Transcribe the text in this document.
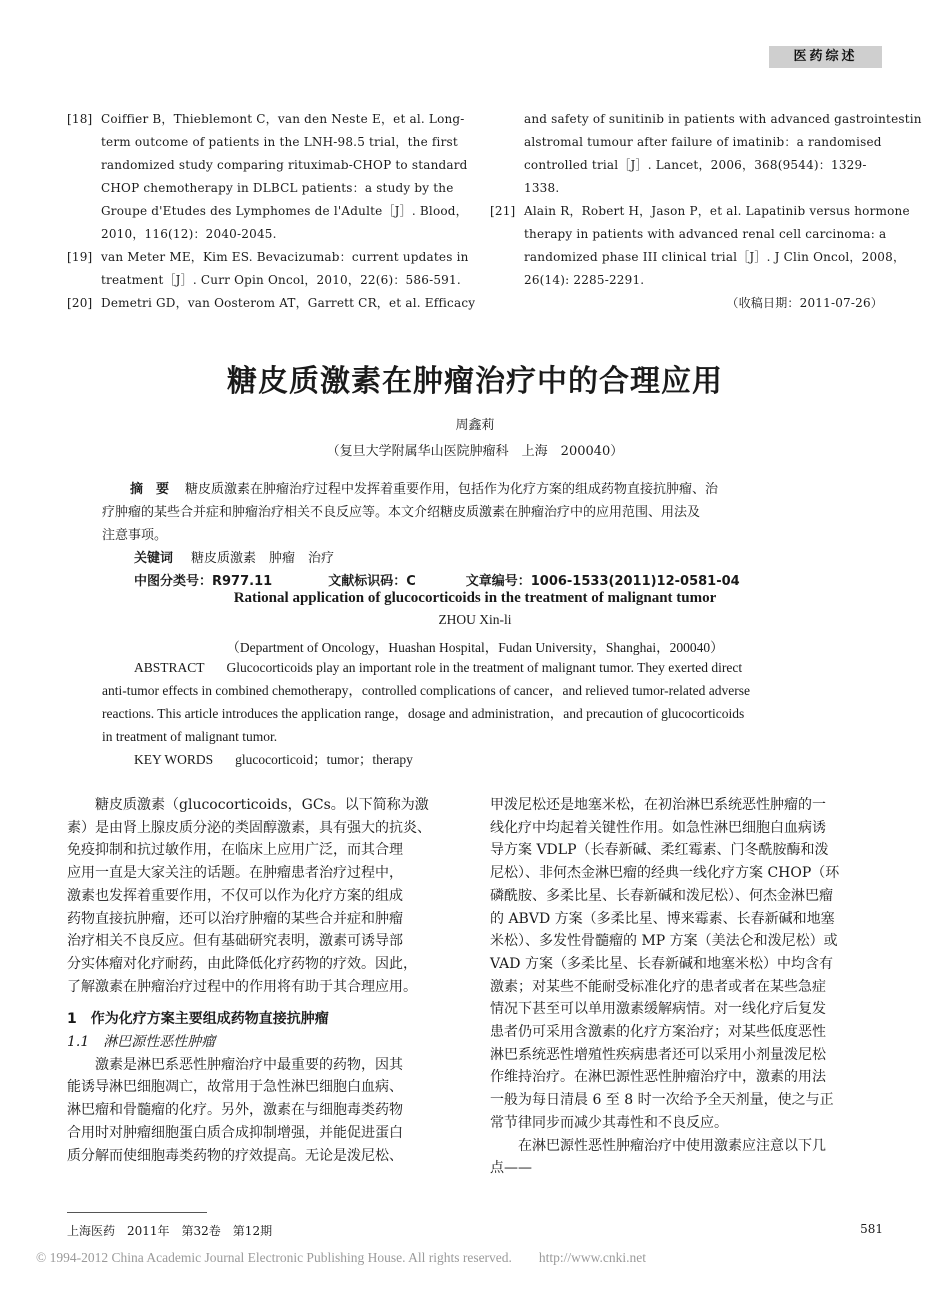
医药综述
[18] Coiffier B，Thieblemont C，van den Neste E，et al. Long-
term outcome of patients in the LNH-98.5 trial，the first
randomized study comparing rituximab-CHOP to standard
CHOP chemotherapy in DLBCL patients：a study by the
Groupe d'Etudes des Lymphomes de l'Adulte［J］. Blood，
2010，116(12)：2040-2045.
[19] van Meter ME，Kim ES. Bevacizumab：current updates in
treatment［J］. Curr Opin Oncol，2010，22(6)：586-591.
[20] Demetri GD，van Oosterom AT，Garrett CR，et al. Efficacy
and safety of sunitinib in patients with advanced gastrointestin
alstromal tumour after failure of imatinib：a randomised
controlled trial［J］. Lancet，2006，368(9544)：1329-
1338.
[21] Alain R，Robert H，Jason P，et al. Lapatinib versus hormone
therapy in patients with advanced renal cell carcinoma: a
randomized phase III clinical trial［J］. J Clin Oncol，2008，
26(14): 2285-2291.
（收稿日期：2011-07-26）
糖皮质激素在肿瘤治疗中的合理应用
周鑫莉
（复旦大学附属华山医院肿瘤科　上海　200040）
摘　要 糖皮质激素在肿瘤治疗过程中发挥着重要作用，包括作为化疗方案的组成药物直接抗肿瘤、治
疗肿瘤的某些合并症和肿瘤治疗相关不良反应等。本文介绍糖皮质激素在肿瘤治疗中的应用范围、用法及
注意事项。
关键词 糖皮质激素　肿瘤　治疗
中图分类号：R977.11	文献标识码：C	文章编号：1006-1533(2011)12-0581-04
Rational application of glucocorticoids in the treatment of malignant tumor
ZHOU Xin-li
（Department of Oncology，Huashan Hospital，Fudan University，Shanghai，200040）
ABSTRACT Glucocorticoids play an important role in the treatment of malignant tumor. They exerted direct
anti-tumor effects in combined chemotherapy，controlled complications of cancer，and relieved tumor-related adverse
reactions. This article introduces the application range，dosage and administration，and precaution of glucocorticoids
in treatment of malignant tumor.
KEY WORDS glucocorticoid；tumor；therapy
　　糖皮质激素（glucocorticoids，GCs。以下简称为激
素）是由肾上腺皮质分泌的类固醇激素，具有强大的抗炎、
免疫抑制和抗过敏作用，在临床上应用广泛，而其合理
应用一直是大家关注的话题。在肿瘤患者治疗过程中，
激素也发挥着重要作用，不仅可以作为化疗方案的组成
药物直接抗肿瘤，还可以治疗肿瘤的某些合并症和肿瘤
治疗相关不良反应。但有基础研究表明，激素可诱导部
分实体瘤对化疗耐药，由此降低化疗药物的疗效。因此，
了解激素在肿瘤治疗过程中的作用将有助于其合理应用。
1　作为化疗方案主要组成药物直接抗肿瘤
1.1　淋巴源性恶性肿瘤
　　激素是淋巴系恶性肿瘤治疗中最重要的药物，因其
能诱导淋巴细胞凋亡，故常用于急性淋巴细胞白血病、
淋巴瘤和骨髓瘤的化疗。另外，激素在与细胞毒类药物
合用时对肿瘤细胞蛋白质合成抑制增强，并能促进蛋白
质分解而使细胞毒类药物的疗效提高。无论是泼尼松、
甲泼尼松还是地塞米松，在初治淋巴系统恶性肿瘤的一
线化疗中均起着关键性作用。如急性淋巴细胞白血病诱
导方案 VDLP（长春新碱、柔红霉素、门冬酰胺酶和泼
尼松）、非何杰金淋巴瘤的经典一线化疗方案 CHOP（环
磷酰胺、多柔比星、长春新碱和泼尼松）、何杰金淋巴瘤
的 ABVD 方案（多柔比星、博来霉素、长春新碱和地塞
米松）、多发性骨髓瘤的 MP 方案（美法仑和泼尼松）或
VAD 方案（多柔比星、长春新碱和地塞米松）中均含有
激素；对某些不能耐受标准化疗的患者或者在某些急症
情况下甚至可以单用激素缓解病情。对一线化疗后复发
患者仍可采用含激素的化疗方案治疗；对某些低度恶性
淋巴系统恶性增殖性疾病患者还可以采用小剂量泼尼松
作维持治疗。在淋巴源性恶性肿瘤治疗中，激素的用法
一般为每日清晨 6 至 8 时一次给予全天剂量，使之与正
常节律同步而减少其毒性和不良反应。
　　在淋巴源性恶性肿瘤治疗中使用激素应注意以下几
点——
上海医药　2011年　第32卷　第12期	581
© 1994-2012 China Academic Journal Electronic Publishing House. All rights reserved.　　http://www.cnki.net
